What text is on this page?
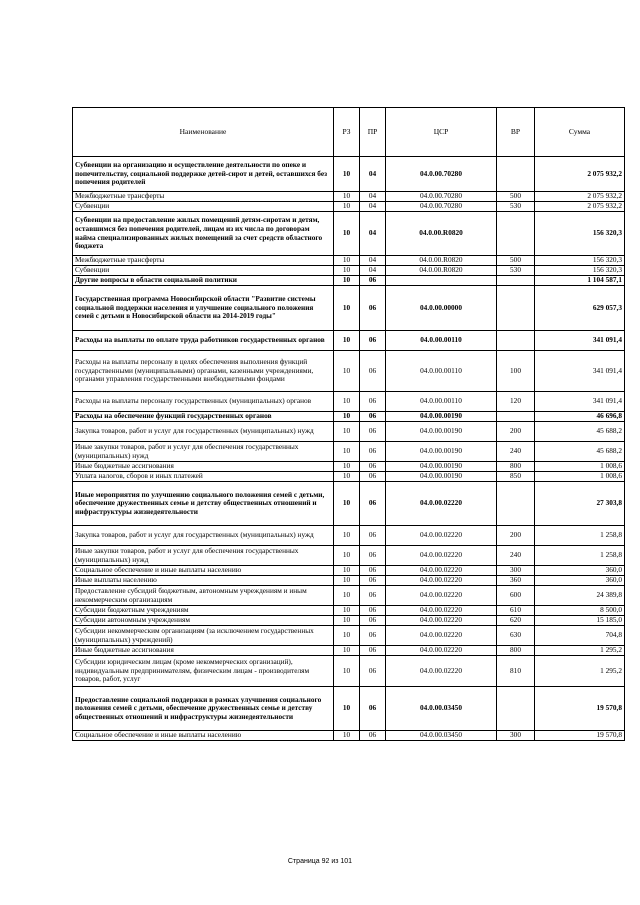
Наименование	РЗ	ПР	ЦСР	ВР	Сумма
Субвенции на организацию и осуществление деятельности по опеке и попечительству, социальной поддержке детей-сирот и детей, оставшихся без попечения родителей	10	04	04.0.00.70280		2 075 932,2
Межбюджетные трансферты	10	04	04.0.00.70280	500	2 075 932,2
Субвенции	10	04	04.0.00.70280	530	2 075 932,2
Субвенции на предоставление жилых помещений детям-сиротам и детям, оставшимся без попечения родителей, лицам из их числа по договорам найма специализированных жилых помещений за счет средств областного бюджета	10	04	04.0.00.R0820		156 320,3
Межбюджетные трансферты	10	04	04.0.00.R0820	500	156 320,3
Субвенции	10	04	04.0.00.R0820	530	156 320,3
Другие вопросы в области социальной политики	10	06			1 104 587,1
Государственная программа Новосибирской области "Развитие системы социальной поддержки населения и улучшение социального положения семей с детьми в Новосибирской области на 2014-2019 годы"	10	06	04.0.00.00000		629 057,3
Расходы на выплаты по оплате труда работников государственных органов	10	06	04.0.00.00110		341 091,4
Расходы на выплаты персоналу в целях обеспечения выполнения функций государственными (муниципальными) органами, казенными учреждениями, органами управления государственными внебюджетными фондами	10	06	04.0.00.00110	100	341 091,4
Расходы на выплаты персоналу государственных (муниципальных) органов	10	06	04.0.00.00110	120	341 091,4
Расходы на обеспечение функций государственных органов	10	06	04.0.00.00190		46 696,8
Закупка товаров, работ и услуг для государственных (муниципальных) нужд	10	06	04.0.00.00190	200	45 688,2
Иные закупки товаров, работ и услуг для обеспечения государственных (муниципальных) нужд	10	06	04.0.00.00190	240	45 688,2
Иные бюджетные ассигнования	10	06	04.0.00.00190	800	1 008,6
Уплата налогов, сборов и иных платежей	10	06	04.0.00.00190	850	1 008,6
Иные мероприятия по улучшению социального положения семей с детьми, обеспечение дружественных семье и детству общественных отношений и инфраструктуры жизнедеятельности	10	06	04.0.00.02220		27 303,8
Закупка товаров, работ и услуг для государственных (муниципальных) нужд	10	06	04.0.00.02220	200	1 258,8
Иные закупки товаров, работ и услуг для обеспечения государственных (муниципальных) нужд	10	06	04.0.00.02220	240	1 258,8
Социальное обеспечение и иные выплаты населению	10	06	04.0.00.02220	300	360,0
Иные выплаты населению	10	06	04.0.00.02220	360	360,0
Предоставление субсидий бюджетным, автономным учреждениям и иным некоммерческим организациям	10	06	04.0.00.02220	600	24 389,8
Субсидии бюджетным учреждениям	10	06	04.0.00.02220	610	8 500,0
Субсидии автономным учреждениям	10	06	04.0.00.02220	620	15 185,0
Субсидии некоммерческим организациям (за исключением государственных (муниципальных) учреждений)	10	06	04.0.00.02220	630	704,8
Иные бюджетные ассигнования	10	06	04.0.00.02220	800	1 295,2
Субсидии юридическим лицам (кроме некоммерческих организаций), индивидуальным предпринимателям, физическим лицам - производителям товаров, работ, услуг	10	06	04.0.00.02220	810	1 295,2
Предоставление социальной поддержки в рамках улучшения социального положения семей с детьми, обеспечение дружественных семье и детству общественных отношений и инфраструктуры жизнедеятельности	10	06	04.0.00.03450		19 570,8
Социальное обеспечение и иные выплаты населению	10	06	04.0.00.03450	300	19 570,8
Страница 92 из 101
